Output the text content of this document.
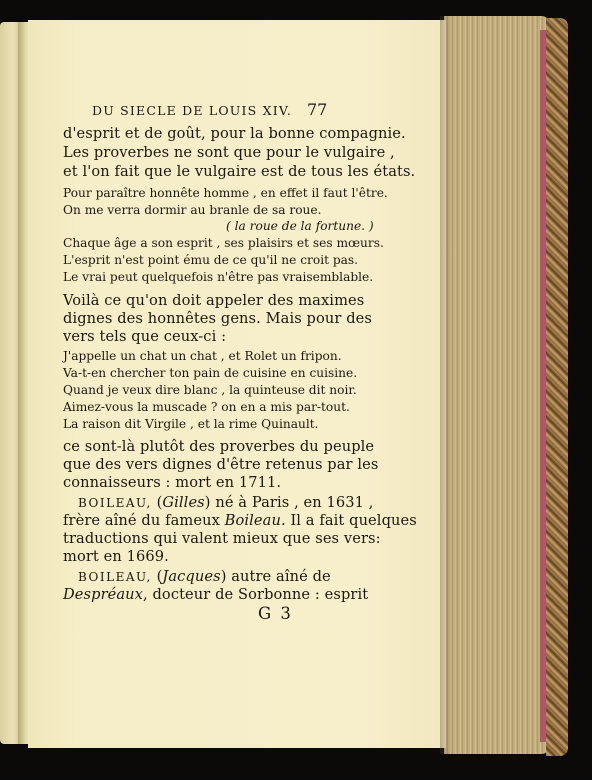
DU SIECLE DE LOUIS XIV. 77
d'esprit et de goût, pour la bonne compagnie.
Les proverbes ne sont que pour le vulgaire ,
et l'on fait que le vulgaire est de tous les états.
Pour paraître honnête homme , en effet il faut l'être.
On me verra dormir au branle de sa roue.
( la roue de la fortune. )
Chaque âge a son esprit , ses plaisirs et ses mœurs.
L'esprit n'est point ému de ce qu'il ne croit pas.
Le vrai peut quelquefois n'être pas vraisemblable.
Voilà ce qu'on doit appeler des maximes
dignes des honnêtes gens. Mais pour des
vers tels que ceux-ci :
J'appelle un chat un chat , et Rolet un fripon.
Va-t-en chercher ton pain de cuisine en cuisine.
Quand je veux dire blanc , la quinteuse dit noir.
Aimez-vous la muscade ? on en a mis par-tout.
La raison dit Virgile , et la rime Quinault.
ce sont-là plutôt des proverbes du peuple
que des vers dignes d'être retenus par les
connaisseurs : mort en 1711.
BOILEAU, (Gilles) né à Paris , en 1631 ,
frère aîné du fameux Boileau. Il a fait quelques
traductions qui valent mieux que ses vers:
mort en 1669.
BOILEAU, (Jacques) autre aîné de
Despréaux, docteur de Sorbonne : esprit
G 3
